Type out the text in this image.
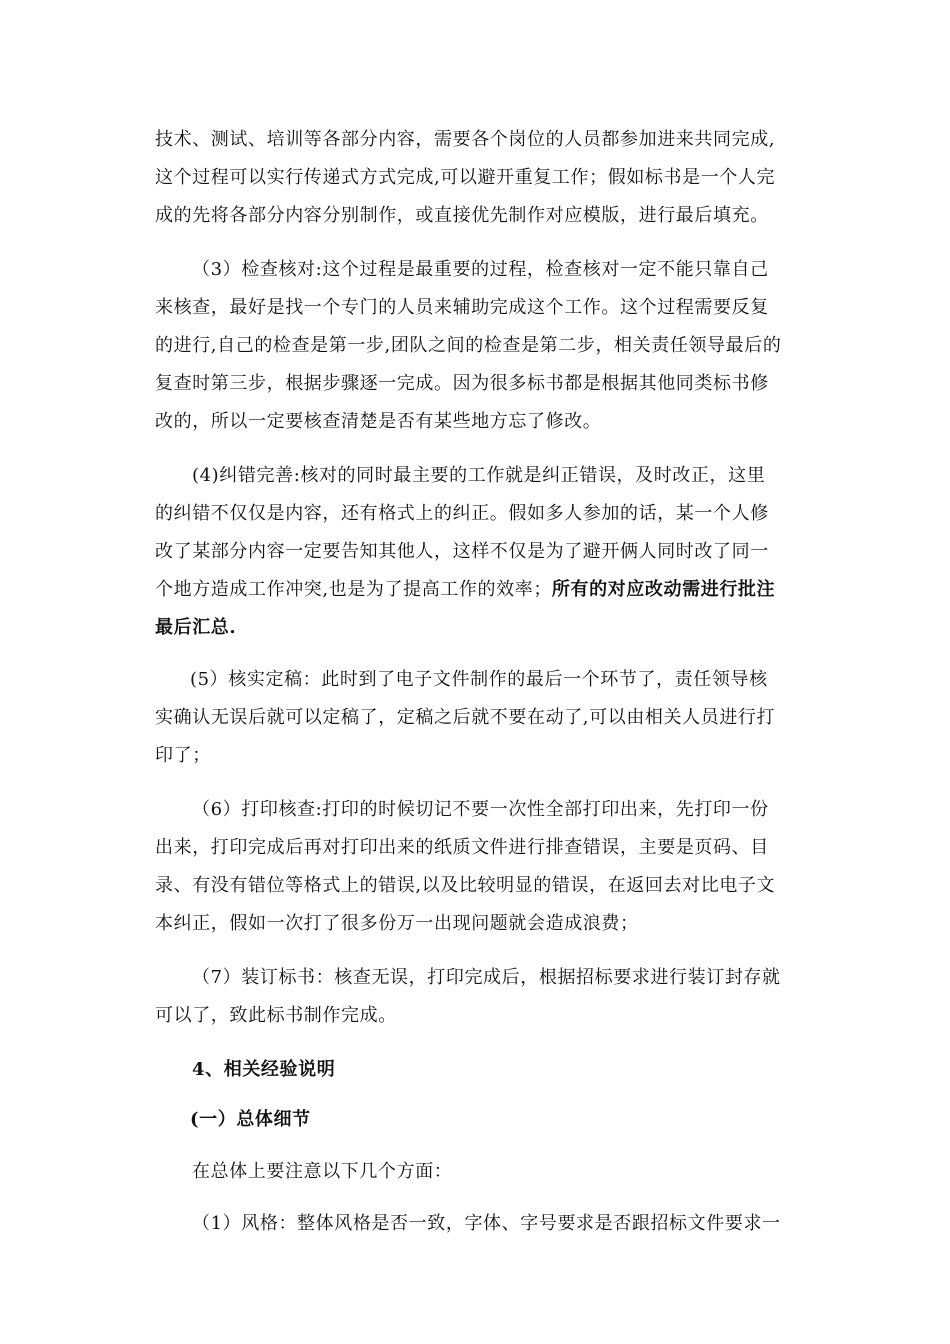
技术、测试、培训等各部分内容，需要各个岗位的人员都参加进来共同完成,

这个过程可以实行传递式方式完成,可以避开重复工作；假如标书是一个人完

成的先将各部分内容分别制作，或直接优先制作对应模版，进行最后填充。

（3）检查核对:这个过程是最重要的过程，检查核对一定不能只靠自己

来核查，最好是找一个专门的人员来辅助完成这个工作。这个过程需要反复

的进行,自己的检查是第一步,团队之间的检查是第二步，相关责任领导最后的

复查时第三步，根据步骤逐一完成。因为很多标书都是根据其他同类标书修

改的，所以一定要核查清楚是否有某些地方忘了修改。

(4)纠错完善:核对的同时最主要的工作就是纠正错误，及时改正，这里

的纠错不仅仅是内容，还有格式上的纠正。假如多人参加的话，某一个人修

改了某部分内容一定要告知其他人，这样不仅是为了避开俩人同时改了同一

个地方造成工作冲突,也是为了提高工作的效率；所有的对应改动需进行批注

最后汇总.

(5）核实定稿：此时到了电子文件制作的最后一个环节了，责任领导核

实确认无误后就可以定稿了，定稿之后就不要在动了,可以由相关人员进行打

印了；

（6）打印核查:打印的时候切记不要一次性全部打印出来，先打印一份

出来，打印完成后再对打印出来的纸质文件进行排查错误，主要是页码、目

录、有没有错位等格式上的错误,以及比较明显的错误，在返回去对比电子文

本纠正，假如一次打了很多份万一出现问题就会造成浪费；

（7）装订标书：核查无误，打印完成后，根据招标要求进行装订封存就

可以了，致此标书制作完成。

4、相关经验说明

(一）总体细节

在总体上要注意以下几个方面：

（1）风格：整体风格是否一致，字体、字号要求是否跟招标文件要求一
